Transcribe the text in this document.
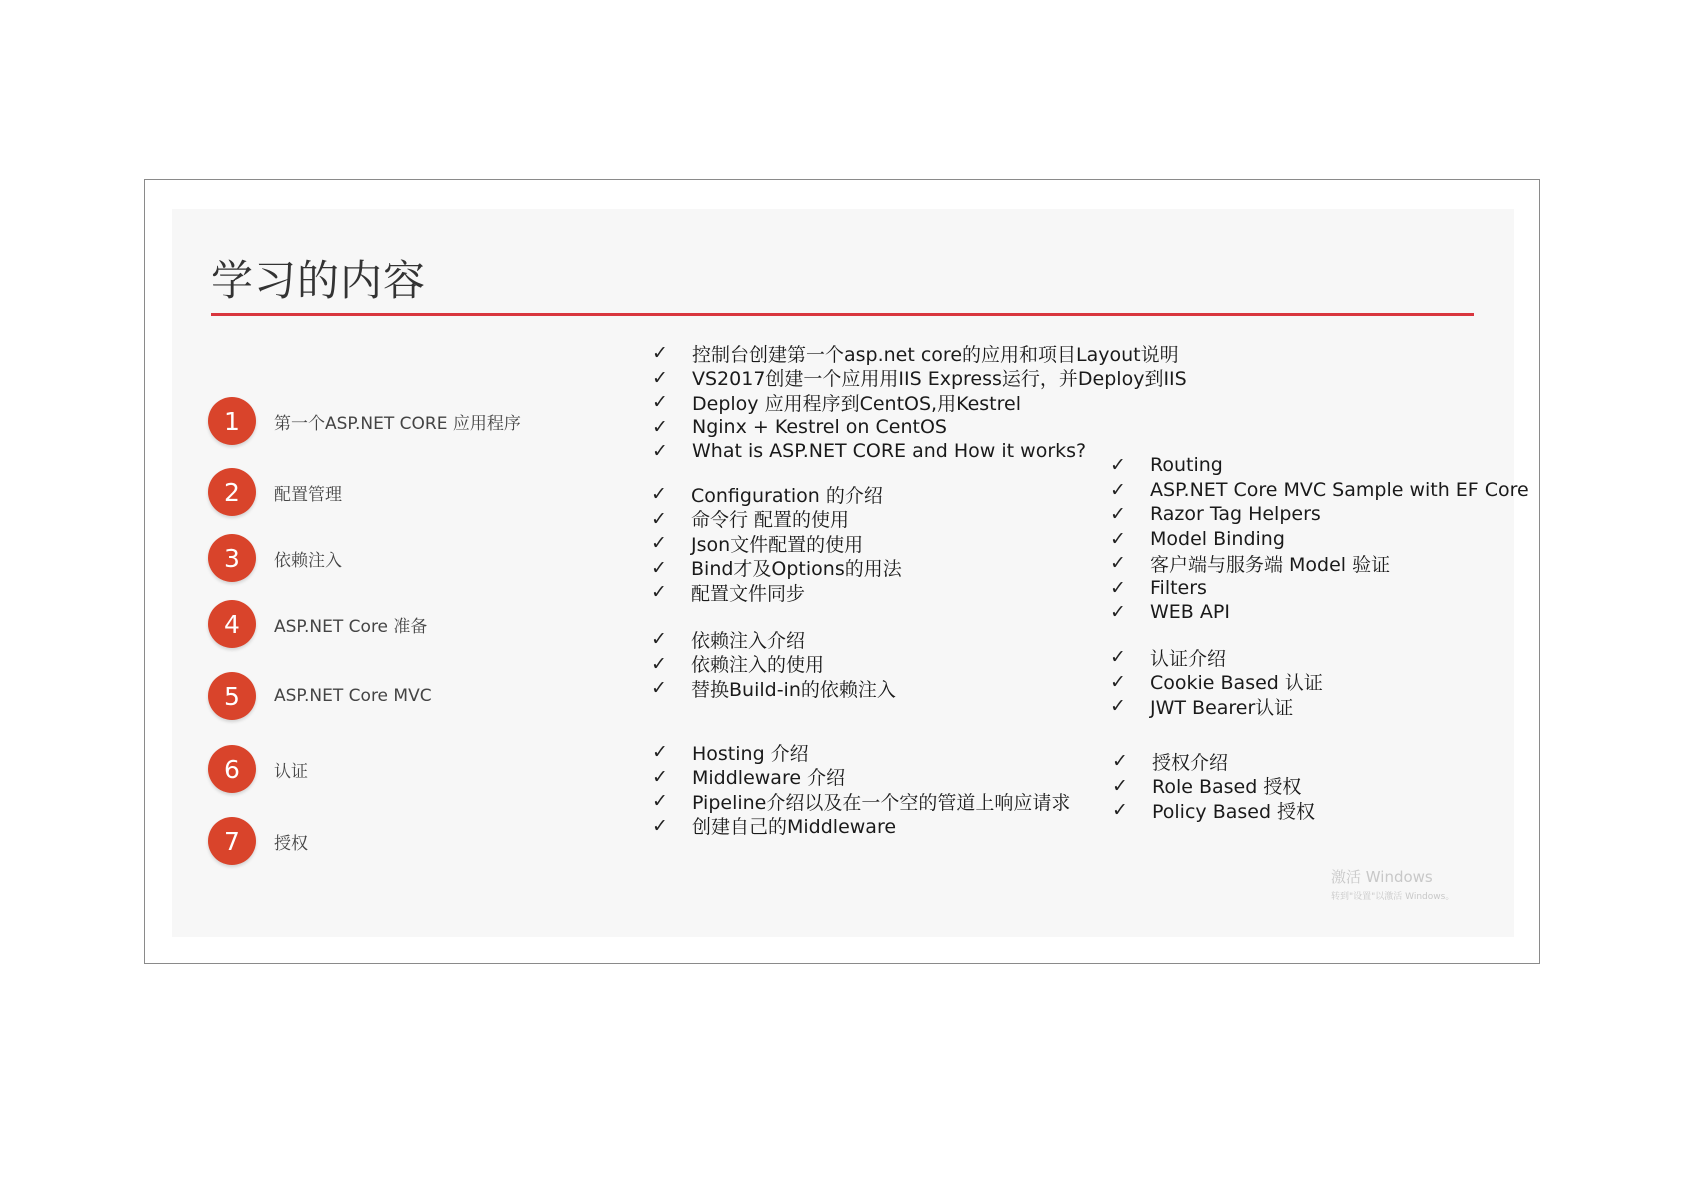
学习的内容
1	第一个ASP.NET CORE 应用程序
2	配置管理
3	依赖注入
4	ASP.NET Core 准备
5	ASP.NET Core MVC
6	认证
7	授权
✓	控制台创建第一个asp.net core的应用和项目Layout说明
✓	VS2017创建一个应用用IIS Express运行，并Deploy到IIS
✓	Deploy 应用程序到CentOS,用Kestrel
✓	Nginx + Kestrel on CentOS
✓	What is ASP.NET CORE and How it works?
✓	Configuration 的介绍
✓	命令行 配置的使用
✓	Json文件配置的使用
✓	Bind才及Options的用法
✓	配置文件同步
✓	依赖注入介绍
✓	依赖注入的使用
✓	替换Build-in的依赖注入
✓	Hosting 介绍
✓	Middleware 介绍
✓	Pipeline介绍以及在一个空的管道上响应请求
✓	创建自己的Middleware
✓	Routing
✓	ASP.NET Core MVC Sample with EF Core
✓	Razor Tag Helpers
✓	Model Binding
✓	客户端与服务端 Model 验证
✓	Filters
✓	WEB API
✓	认证介绍
✓	Cookie Based 认证
✓	JWT Bearer认证
✓	授权介绍
✓	Role Based 授权
✓	Policy Based 授权
激活 Windows
转到"设置"以激活 Windows。
